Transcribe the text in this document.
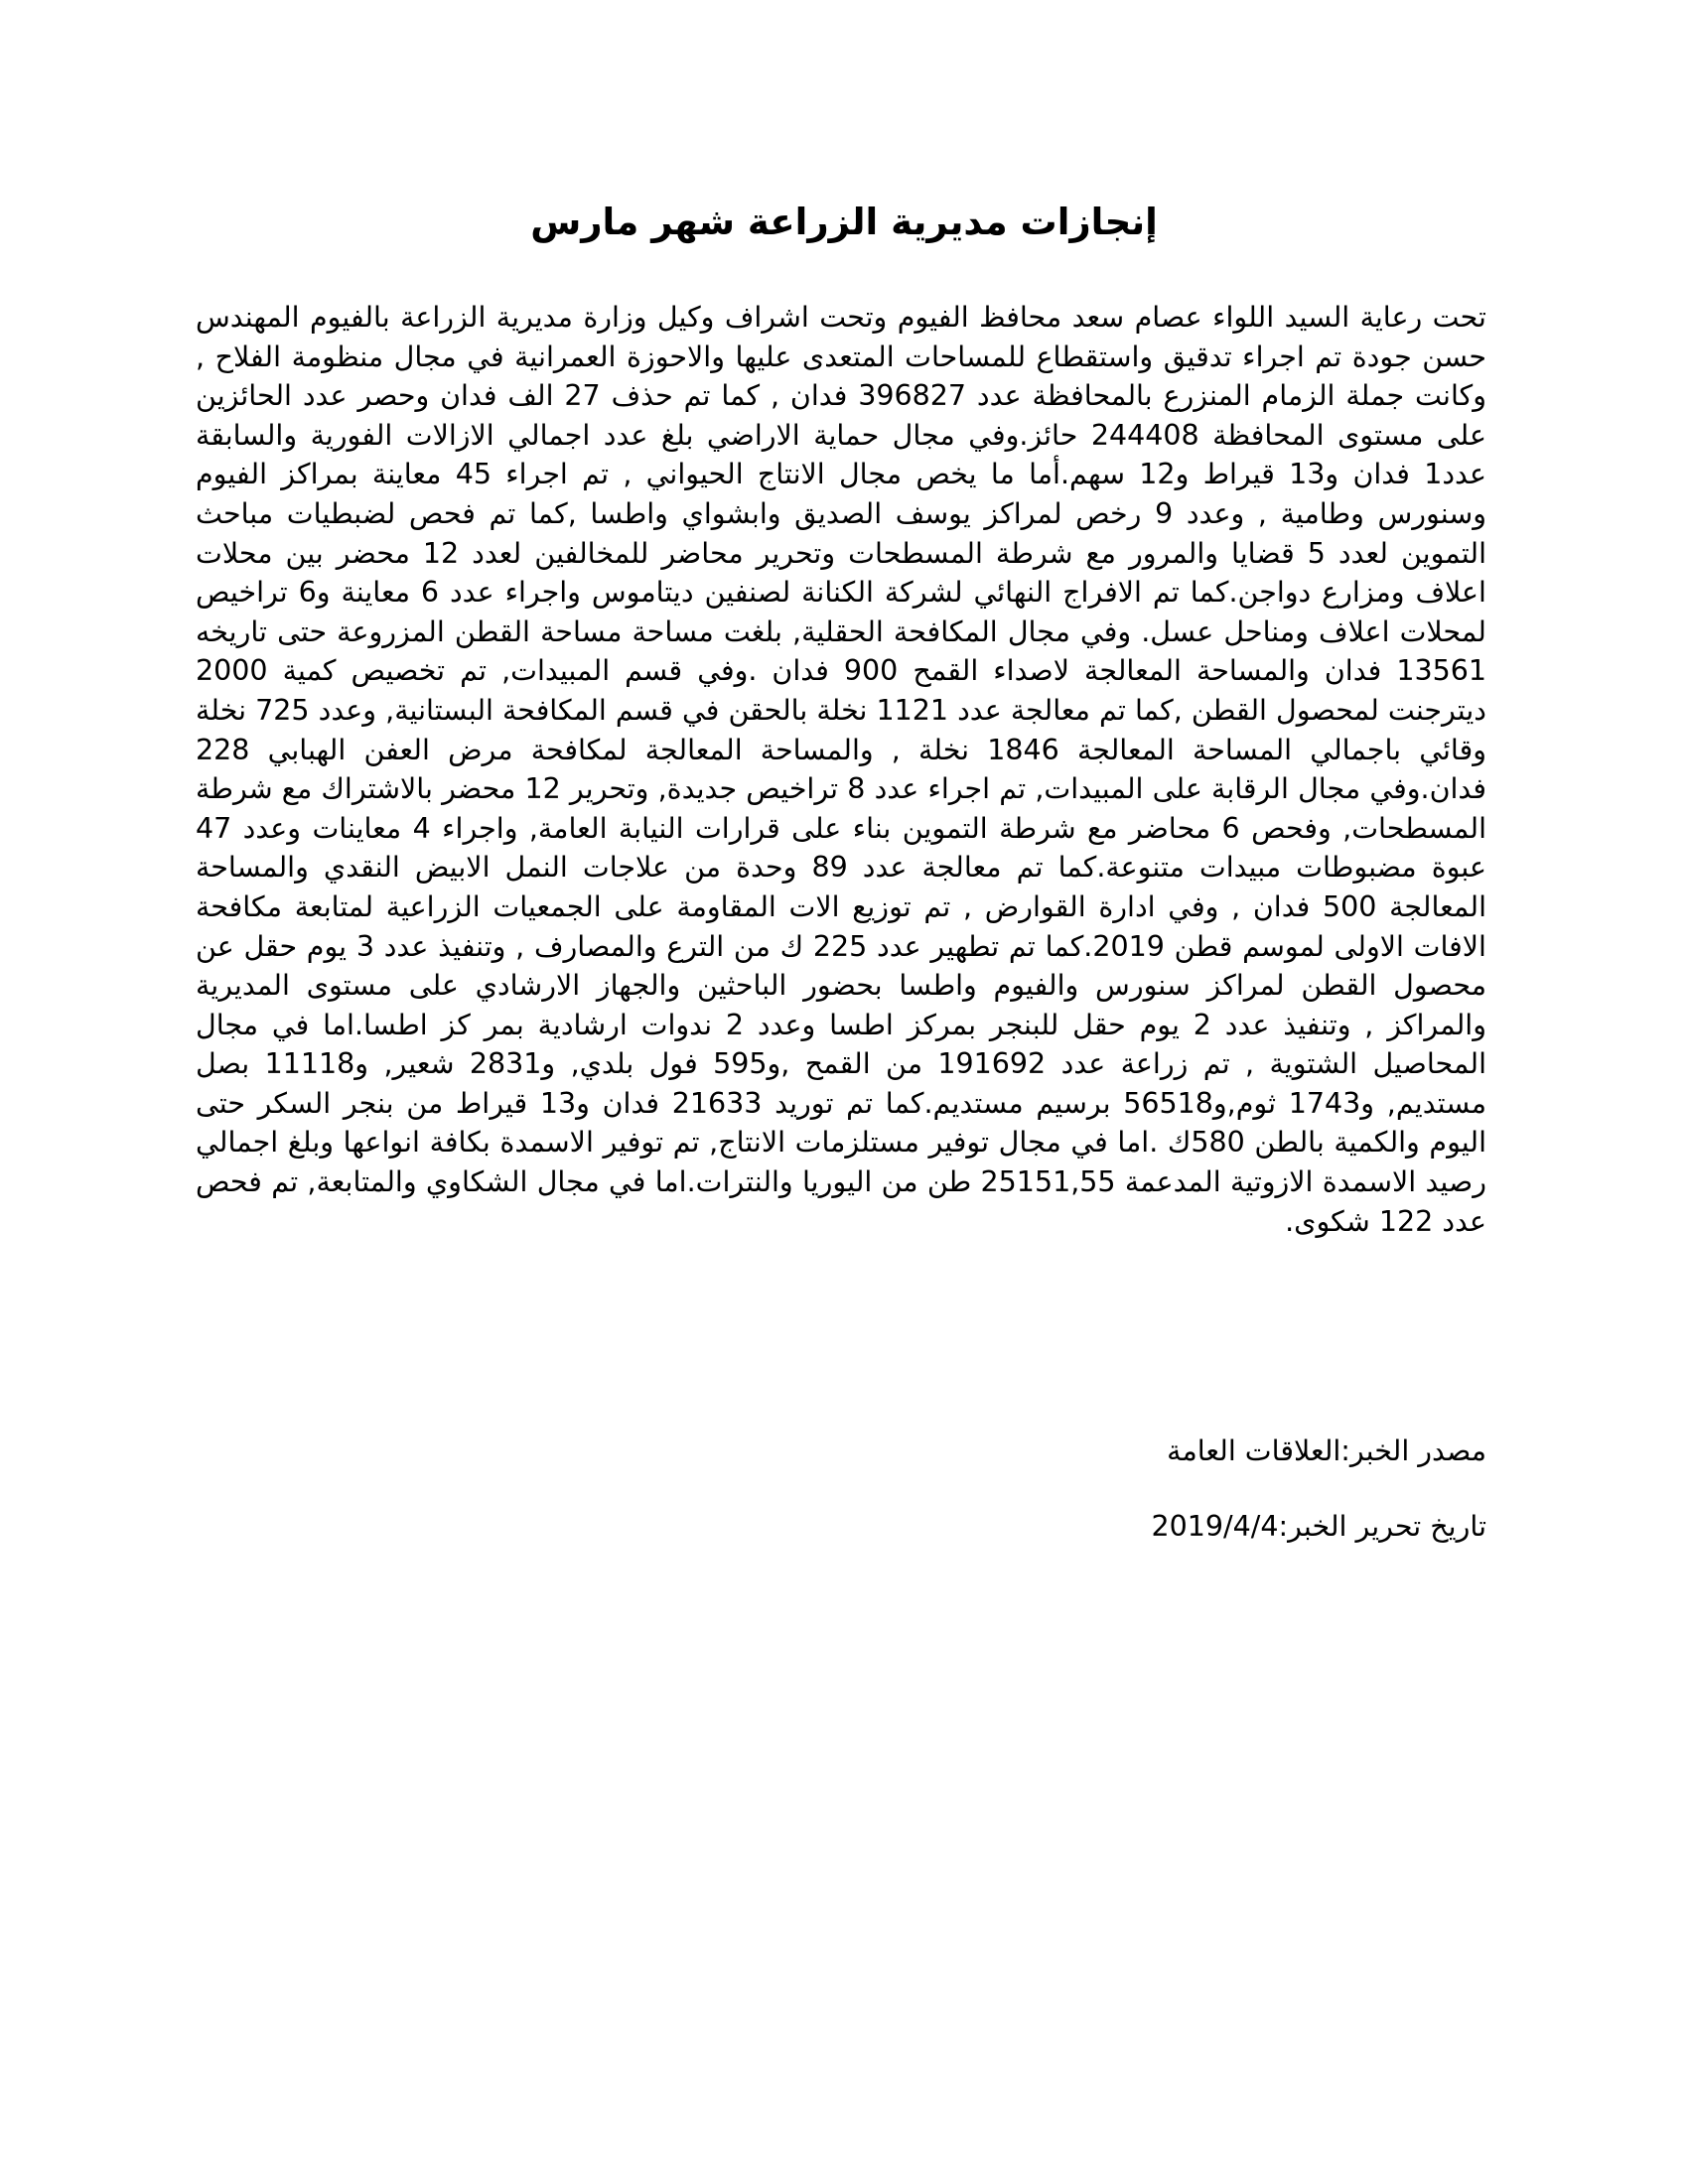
إنجازات مديرية الزراعة شهر مارس

تحت رعاية السيد اللواء عصام سعد محافظ الفيوم وتحت اشراف وكيل وزارة مديرية الزراعة بالفيوم المهندس حسن جودة تم اجراء تدقيق واستقطاع للمساحات المتعدى عليها والاحوزة العمرانية في مجال منظومة الفلاح , وكانت جملة الزمام المنزرع بالمحافظة عدد 396827 فدان , كما تم حذف 27 الف فدان وحصر عدد الحائزين على مستوى المحافظة 244408 حائز.وفي مجال حماية الاراضي بلغ عدد اجمالي الازالات الفورية والسابقة عدد1 فدان و13 قيراط و12 سهم.أما ما يخص مجال الانتاج الحيواني , تم اجراء 45 معاينة بمراكز الفيوم وسنورس وطامية , وعدد 9 رخص لمراكز يوسف الصديق وابشواي واطسا ,كما تم فحص لضبطيات مباحث التموين لعدد 5 قضايا والمرور مع شرطة المسطحات وتحرير محاضر للمخالفين لعدد 12 محضر بين محلات اعلاف ومزارع دواجن.كما تم الافراج النهائي لشركة الكنانة لصنفين ديتاموس واجراء عدد 6 معاينة و6 تراخيص لمحلات اعلاف ومناحل عسل. وفي مجال المكافحة الحقلية, بلغت مساحة مساحة القطن المزروعة حتى تاريخه 13561 فدان والمساحة المعالجة لاصداء القمح 900 فدان .وفي قسم المبيدات, تم تخصيص كمية 2000 ديترجنت لمحصول القطن ,كما تم معالجة عدد 1121 نخلة بالحقن في قسم المكافحة البستانية, وعدد 725 نخلة وقائي باجمالي المساحة المعالجة 1846 نخلة , والمساحة المعالجة لمكافحة مرض العفن الهبابي 228 فدان.وفي مجال الرقابة على المبيدات, تم اجراء عدد 8 تراخيص جديدة, وتحرير 12 محضر بالاشتراك مع شرطة المسطحات, وفحص 6 محاضر مع شرطة التموين بناء على قرارات النيابة العامة, واجراء 4 معاينات وعدد 47 عبوة مضبوطات مبيدات متنوعة.كما تم معالجة عدد 89 وحدة من علاجات النمل الابيض النقدي والمساحة المعالجة 500 فدان , وفي ادارة القوارض , تم توزيع الات المقاومة على الجمعيات الزراعية لمتابعة مكافحة الافات الاولى لموسم قطن 2019.كما تم تطهير عدد 225 ك من الترع والمصارف , وتنفيذ عدد 3 يوم حقل عن محصول القطن لمراكز سنورس والفيوم واطسا بحضور الباحثين والجهاز الارشادي على مستوى المديرية والمراكز , وتنفيذ عدد 2 يوم حقل للبنجر بمركز اطسا وعدد 2 ندوات ارشادية بمر كز اطسا.اما في مجال المحاصيل الشتوية , تم زراعة عدد 191692 من القمح ,و595 فول بلدي, و2831 شعير, و11118 بصل مستديم, و1743 ثوم,و56518 برسيم مستديم.كما تم توريد 21633 فدان و13 قيراط من بنجر السكر حتى اليوم والكمية بالطن 580ك .اما في مجال توفير مستلزمات الانتاج, تم توفير الاسمدة بكافة انواعها وبلغ اجمالي رصيد الاسمدة الازوتية المدعمة 25151,55 طن من اليوريا والنترات.اما في مجال الشكاوي والمتابعة, تم فحص عدد 122 شكوى.

مصدر الخبر:العلاقات العامة

تاريخ تحرير الخبر:2019/4/4
